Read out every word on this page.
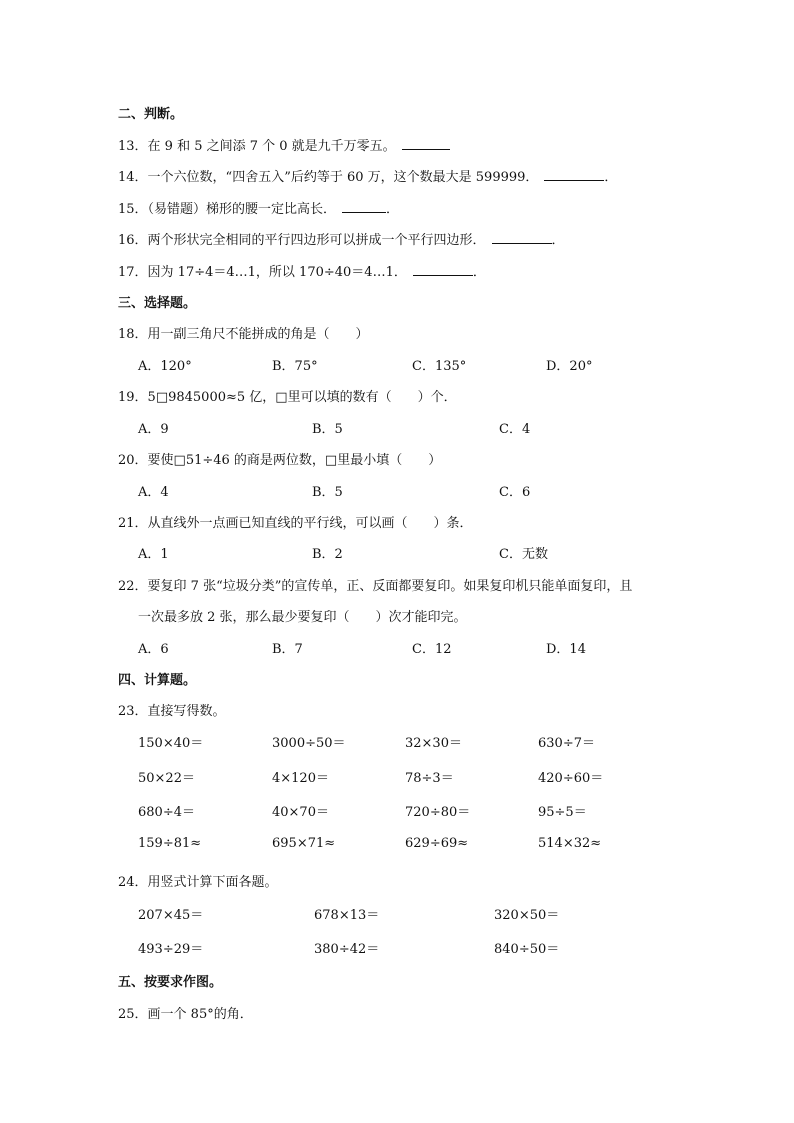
二、判断。
13．在 9 和 5 之间添 7 个 0 就是九千万零五。
14．一个六位数，“四舍五入”后约等于 60 万，这个数最大是 599999．	．
15．（易错题）梯形的腰一定比高长．	．
16．两个形状完全相同的平行四边形可以拼成一个平行四边形．	．
17．因为 17÷4＝4…1，所以 170÷40＝4…1．	．
三、选择题。
18．用一副三角尺不能拼成的角是（　　）
A．120°	B．75°	C．135°	D．20°
19．5□9845000≈5 亿，□里可以填的数有（　　）个．
A．9	B．5	C．4
20．要使□51÷46 的商是两位数，□里最小填（　　）
A．4	B．5	C．6
21．从直线外一点画已知直线的平行线，可以画（　　）条．
A．1	B．2	C．无数
22．要复印 7 张“垃圾分类”的宣传单，正、反面都要复印。如果复印机只能单面复印，且
一次最多放 2 张，那么最少要复印（　　）次才能印完。
A．6	B．7	C．12	D．14
四、计算题。
23．直接写得数。
150×40＝	3000÷50＝	32×30＝	630÷7＝
50×22＝	4×120＝	78÷3＝	420÷60＝
680÷4＝	40×70＝	720÷80＝	95÷5＝
159÷81≈	695×71≈	629÷69≈	514×32≈
24．用竖式计算下面各题。
207×45＝	678×13＝	320×50＝
493÷29＝	380÷42＝	840÷50＝
五、按要求作图。
25．画一个 85°的角．
